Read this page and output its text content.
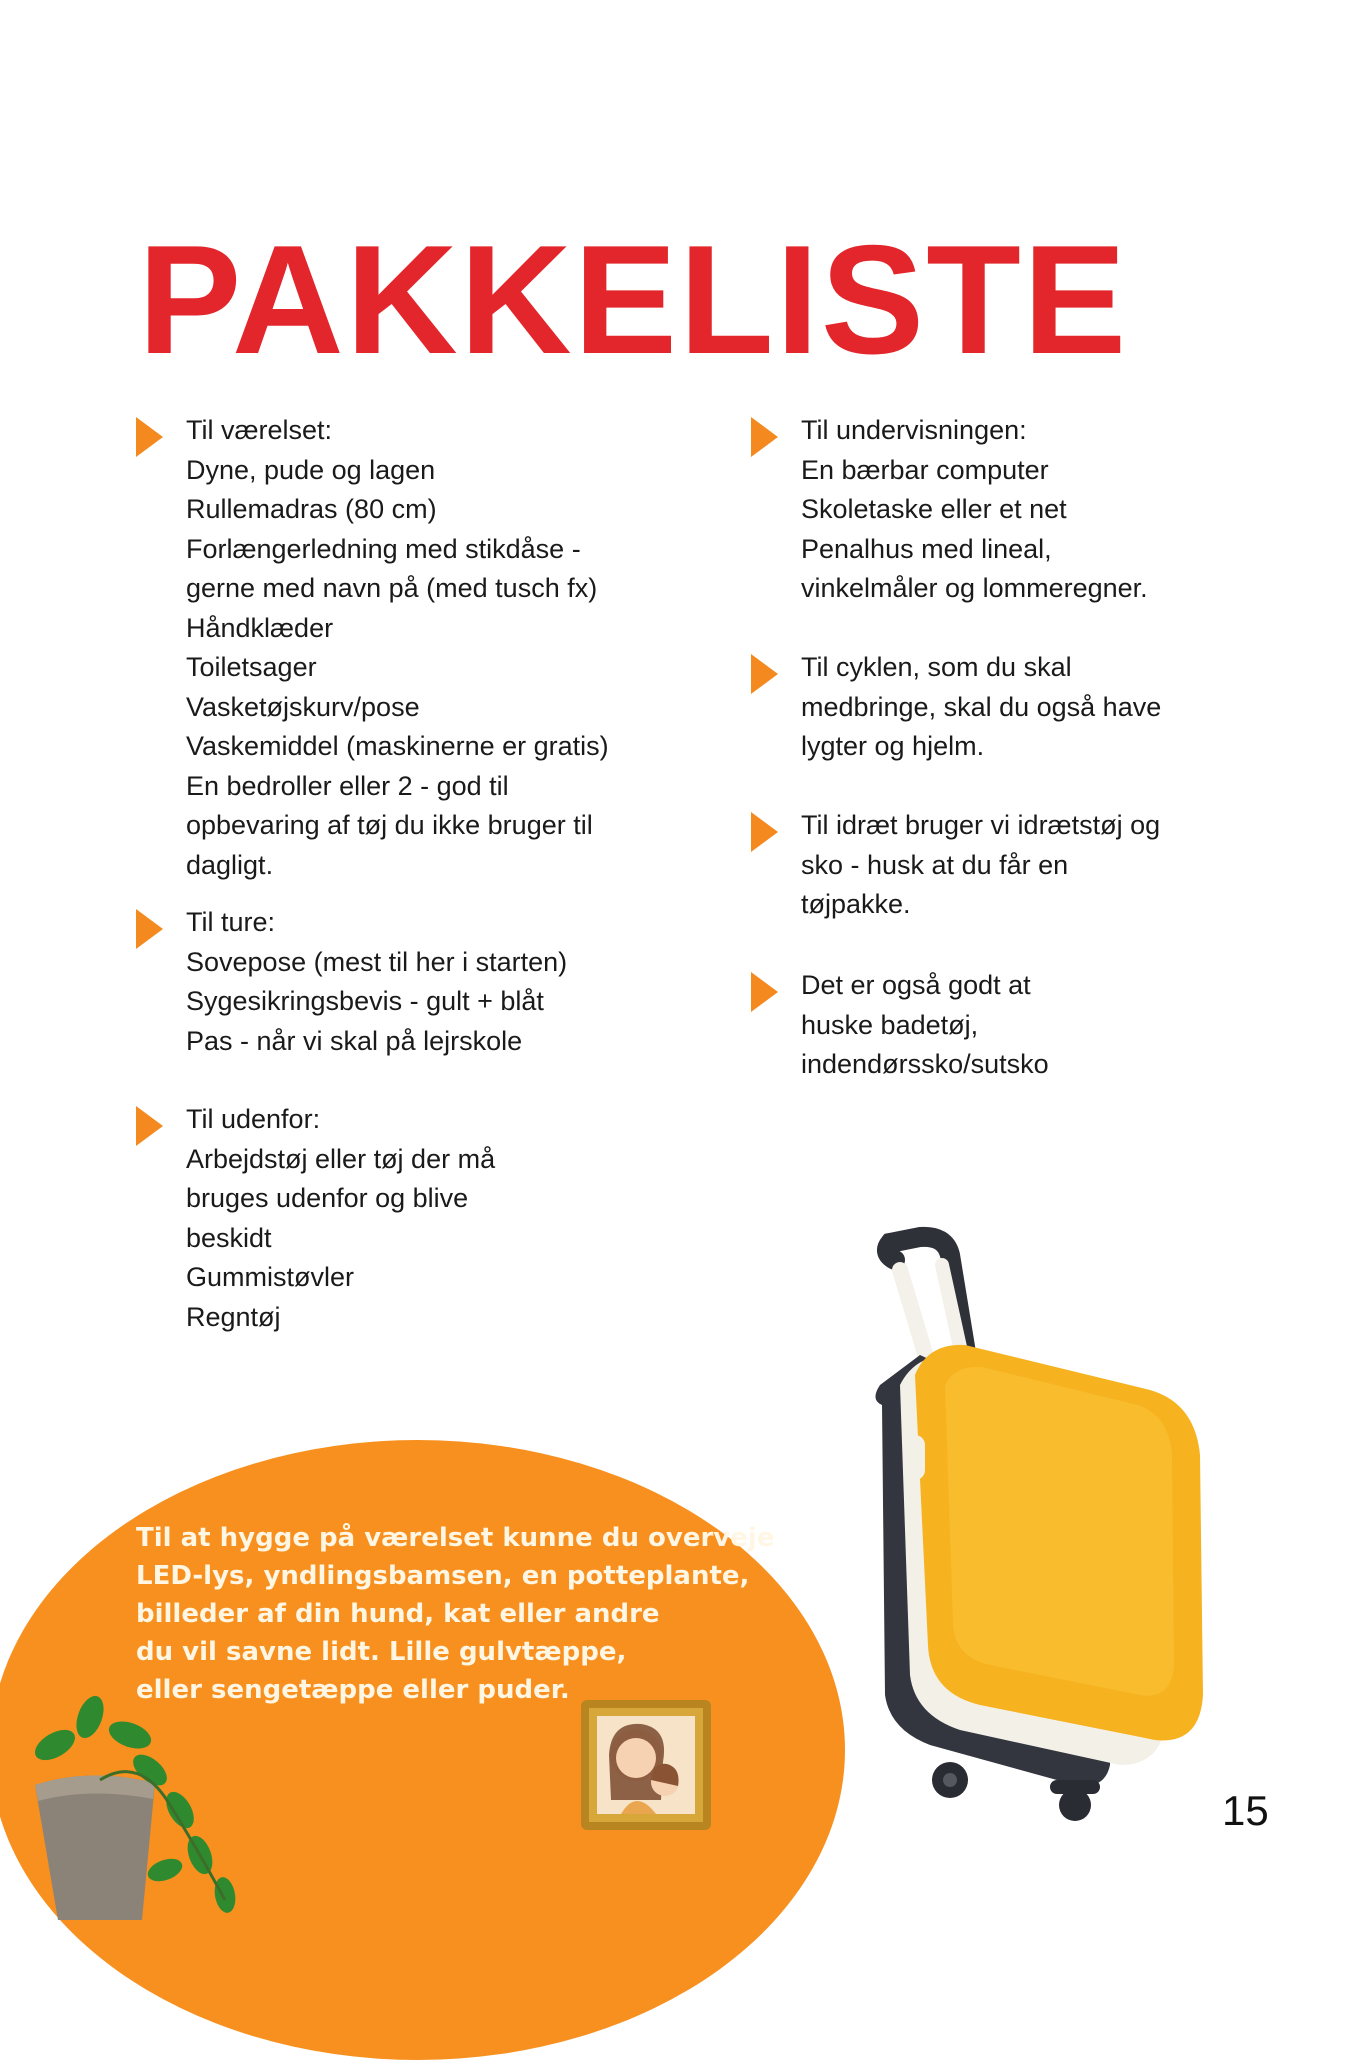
PAKKELISTE
Til værelset:
Dyne, pude og lagen
Rullemadras (80 cm)
Forlængerledning med stikdåse -
gerne med navn på (med tusch fx)
Håndklæder
Toiletsager
Vasketøjskurv/pose
Vaskemiddel (maskinerne er gratis)
En bedroller eller 2 - god til
opbevaring af tøj du ikke bruger til
dagligt.
Til ture:
Sovepose (mest til her i starten)
Sygesikringsbevis - gult + blåt
Pas - når vi skal på lejrskole
Til udenfor:
Arbejdstøj eller tøj der må
bruges udenfor og blive
beskidt
Gummistøvler
Regntøj
Til undervisningen:
En bærbar computer
Skoletaske eller et net
Penalhus med lineal,
vinkelmåler og lommeregner.
Til cyklen, som du skal
medbringe, skal du også have
lygter og hjelm.
Til idræt bruger vi idrætstøj og
sko - husk at du får en
tøjpakke.
Det er også godt at
huske badetøj,
indendørssko/sutsko
Til at hygge på værelset kunne du overveje
LED-lys, yndlingsbamsen, en potteplante,
billeder af din hund, kat eller andre
du vil savne lidt. Lille gulvtæppe,
eller sengetæppe eller puder.
15
